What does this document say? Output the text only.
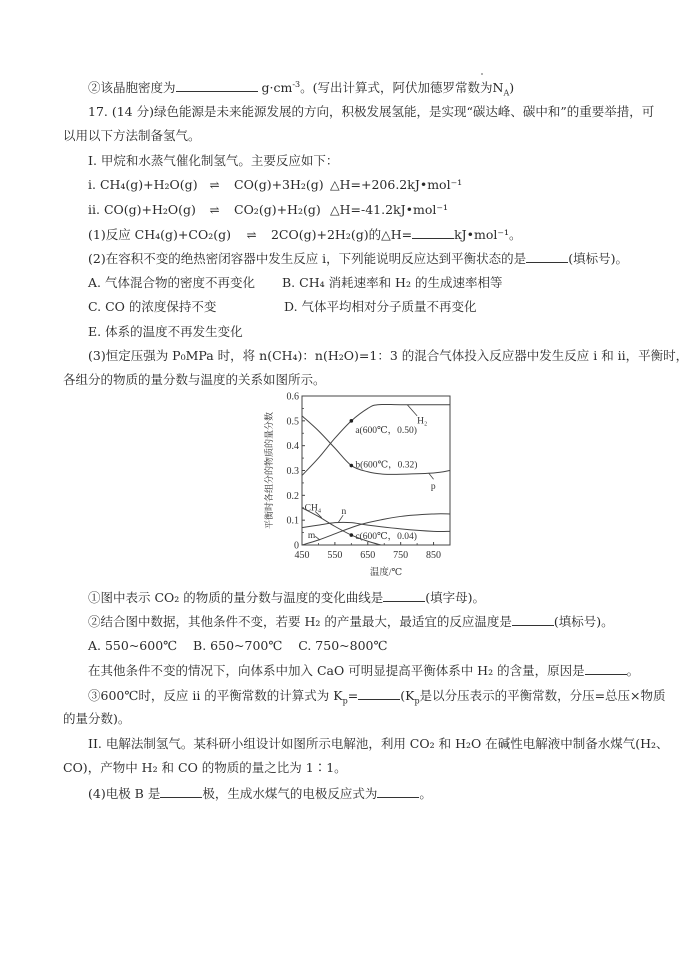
②该晶胞密度为	$g\cdot cm^{-3}$。(写出计算式，阿伏加德罗常数为$N_A$)
17. (14 分)绿色能源是未来能源发展的方向，积极发展氢能，是实现“碳达峰、碳中和”的重要举措，可
以用以下方法制备氢气。
I. 甲烷和水蒸气催化制氢气。主要反应如下：
i. CH₄(g)+H₂O(g) ⇌ CO(g)+3H₂(g) △H=+206.2kJ•mol⁻¹
ii. CO(g)+H₂O(g) ⇌ CO₂(g)+H₂(g) △H=-41.2kJ•mol⁻¹
(1)反应 CH₄(g)+CO₂(g) ⇌ 2CO(g)+2H₂(g)的△H=	kJ•mol⁻¹。
(2)在容积不变的绝热密闭容器中发生反应 i，下列能说明反应达到平衡状态的是	(填标号)。
A. 气体混合物的密度不再变化 B. CH₄ 消耗速率和 H₂ 的生成速率相等
C. CO 的浓度保持不变	D. 气体平均相对分子质量不再变化
E. 体系的温度不再发生变化
(3)恒定压强为 P₀MPa 时，将 n(CH₄)：n(H₂O)=1：3 的混合气体投入反应器中发生反应 i 和 ii，平衡时，
各组分的物质的量分数与温度的关系如图所示。
0
0.1
0.2
0.3
0.4
0.5
0.6
450 550 650 750 850
温度/℃
平衡时各组分的物质的量分数	a(600℃，0.50)
b(600℃，0.32)
c(600℃，0.04)
H₂
p
CH₄ n
m
①图中表示 CO₂ 的物质的量分数与温度的变化曲线是	(填字母)。
②结合图中数据，其他条件不变，若要 H₂ 的产量最大，最适宜的反应温度是	(填标号)。
A. 550~600℃    B. 650~700℃    C. 750~800℃
在其他条件不变的情况下，向体系中加入 CaO 可明显提高平衡体系中 H₂ 的含量，原因是	。
③600℃时，反应 ii 的平衡常数的计算式为 $K_p=$	($K_p$是以分压表示的平衡常数，分压=总压×物质
的量分数)。
II. 电解法制氢气。某科研小组设计如图所示电解池，利用 CO₂ 和 H₂O 在碱性电解液中制备水煤气(H₂、
CO)，产物中 H₂ 和 CO 的物质的量之比为 1∶1。
(4)电极 B 是	极，生成水煤气的电极反应式为	。
